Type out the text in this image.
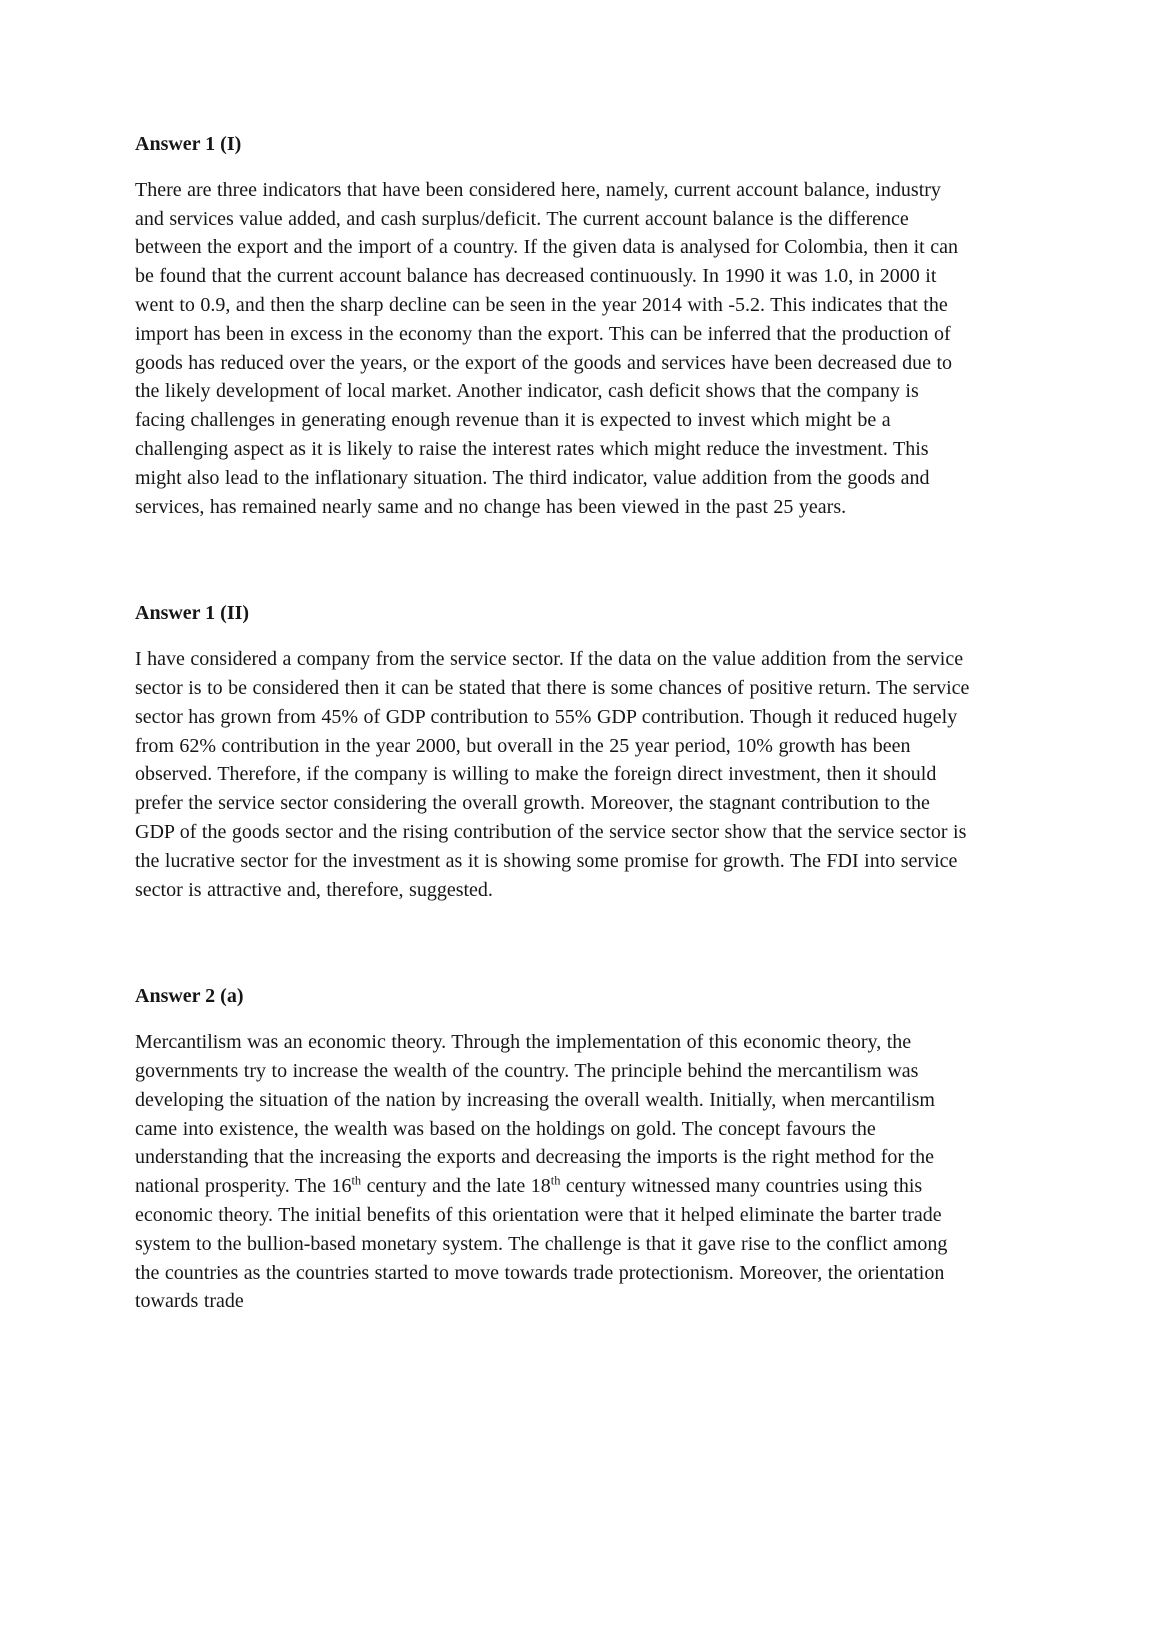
Answer 1 (I)

There are three indicators that have been considered here, namely, current account balance, industry and services value added, and cash surplus/deficit. The current account balance is the difference between the export and the import of a country. If the given data is analysed for Colombia, then it can be found that the current account balance has decreased continuously. In 1990 it was 1.0, in 2000 it went to 0.9, and then the sharp decline can be seen in the year 2014 with -5.2. This indicates that the import has been in excess in the economy than the export. This can be inferred that the production of goods has reduced over the years, or the export of the goods and services have been decreased due to the likely development of local market. Another indicator, cash deficit shows that the company is facing challenges in generating enough revenue than it is expected to invest which might be a challenging aspect as it is likely to raise the interest rates which might reduce the investment. This might also lead to the inflationary situation. The third indicator, value addition from the goods and services, has remained nearly same and no change has been viewed in the past 25 years.

Answer 1 (II)

I have considered a company from the service sector. If the data on the value addition from the service sector is to be considered then it can be stated that there is some chances of positive return. The service sector has grown from 45% of GDP contribution to 55% GDP contribution. Though it reduced hugely from 62% contribution in the year 2000, but overall in the 25 year period, 10% growth has been observed. Therefore, if the company is willing to make the foreign direct investment, then it should prefer the service sector considering the overall growth. Moreover, the stagnant contribution to the GDP of the goods sector and the rising contribution of the service sector show that the service sector is the lucrative sector for the investment as it is showing some promise for growth. The FDI into service sector is attractive and, therefore, suggested.

Answer 2 (a)

Mercantilism was an economic theory. Through the implementation of this economic theory, the governments try to increase the wealth of the country. The principle behind the mercantilism was developing the situation of the nation by increasing the overall wealth. Initially, when mercantilism came into existence, the wealth was based on the holdings on gold. The concept favours the understanding that the increasing the exports and decreasing the imports is the right method for the national prosperity. The 16th century and the late 18th century witnessed many countries using this economic theory. The initial benefits of this orientation were that it helped eliminate the barter trade system to the bullion-based monetary system. The challenge is that it gave rise to the conflict among the countries as the countries started to move towards trade protectionism. Moreover, the orientation towards trade
